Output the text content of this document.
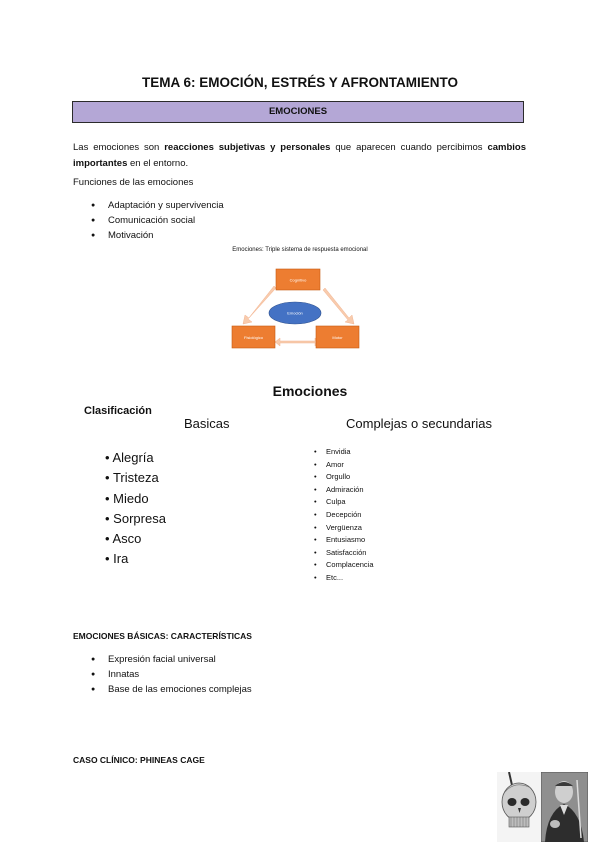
TEMA 6: EMOCIÓN, ESTRÉS Y AFRONTAMIENTO
EMOCIONES
Las emociones son reacciones subjetivas y personales que aparecen cuando percibimos cambios importantes en el entorno.
Funciones de las emociones
● Adaptación y supervivencia
● Comunicación social
● Motivación
Emociones: Triple sistema de respuesta emocional
Cognitivo
Fisiológico	Motor
Emoción
Emociones
Clasificación
Basicas	Complejas o secundarias
• Alegría
• Tristeza
• Miedo
• Sorpresa
• Asco
• Ira
• Envidia
• Amor
• Orgullo
• Admiración
• Culpa
• Decepción
• Vergüenza
• Entusiasmo
• Satisfacción
• Complacencia
• Etc...
EMOCIONES BÁSICAS: CARACTERÍSTICAS
● Expresión facial universal
● Innatas
● Base de las emociones complejas
CASO CLÍNICO: PHINEAS CAGE
